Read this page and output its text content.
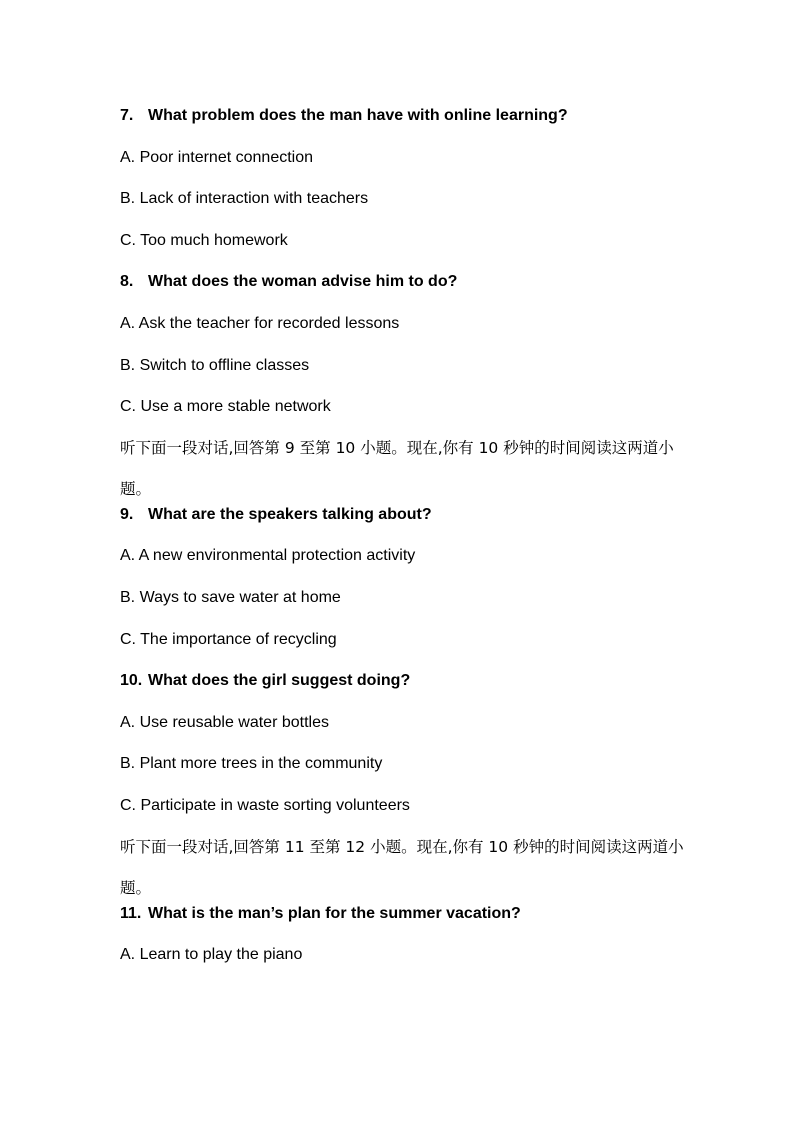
7. What problem does the man have with online learning?
A. Poor internet connection
B. Lack of interaction with teachers
C. Too much homework
8. What does the woman advise him to do?
A. Ask the teacher for recorded lessons
B. Switch to offline classes
C. Use a more stable network
听下面一段对话,回答第 9 至第 10 小题。现在,你有 10 秒钟的时间阅读这两道小题。
9. What are the speakers talking about?
A. A new environmental protection activity
B. Ways to save water at home
C. The importance of recycling
10. What does the girl suggest doing?
A. Use reusable water bottles
B. Plant more trees in the community
C. Participate in waste sorting volunteers
听下面一段对话,回答第 11 至第 12 小题。现在,你有 10 秒钟的时间阅读这两道小题。
11. What is the man’s plan for the summer vacation?
A. Learn to play the piano
